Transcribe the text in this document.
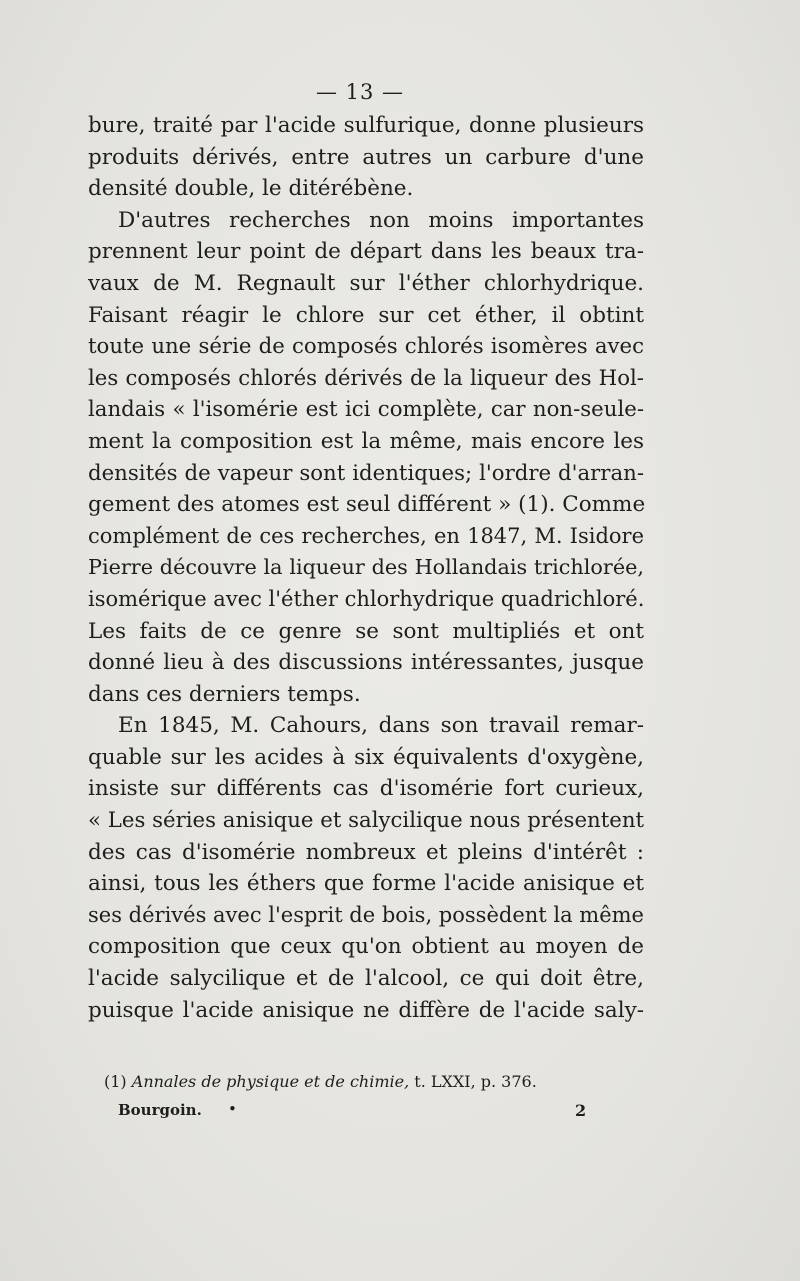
— 13 —
bure, traité par l'acide sulfurique, donne plusieurs
produits dérivés, entre autres un carbure d'une
densité double, le ditérébène.
D'autres recherches non moins importantes
prennent leur point de départ dans les beaux tra-
vaux de M. Regnault sur l'éther chlorhydrique.
Faisant réagir le chlore sur cet éther, il obtint
toute une série de composés chlorés isomères avec
les composés chlorés dérivés de la liqueur des Hol-
landais « l'isomérie est ici complète, car non-seule-
ment la composition est la même, mais encore les
densités de vapeur sont identiques; l'ordre d'arran-
gement des atomes est seul différent » (1). Comme
complément de ces recherches, en 1847, M. Isidore
Pierre découvre la liqueur des Hollandais trichlorée,
isomérique avec l'éther chlorhydrique quadrichloré.
Les faits de ce genre se sont multipliés et ont
donné lieu à des discussions intéressantes, jusque
dans ces derniers temps.
En 1845, M. Cahours, dans son travail remar-
quable sur les acides à six équivalents d'oxygène,
insiste sur différents cas d'isomérie fort curieux,
« Les séries anisique et salycilique nous présentent
des cas d'isomérie nombreux et pleins d'intérêt :
ainsi, tous les éthers que forme l'acide anisique et
ses dérivés avec l'esprit de bois, possèdent la même
composition que ceux qu'on obtient au moyen de
l'acide salycilique et de l'alcool, ce qui doit être,
puisque l'acide anisique ne diffère de l'acide saly-
(1) Annales de physique et de chimie, t. LXXI, p. 376.
Bourgoin. •	2
